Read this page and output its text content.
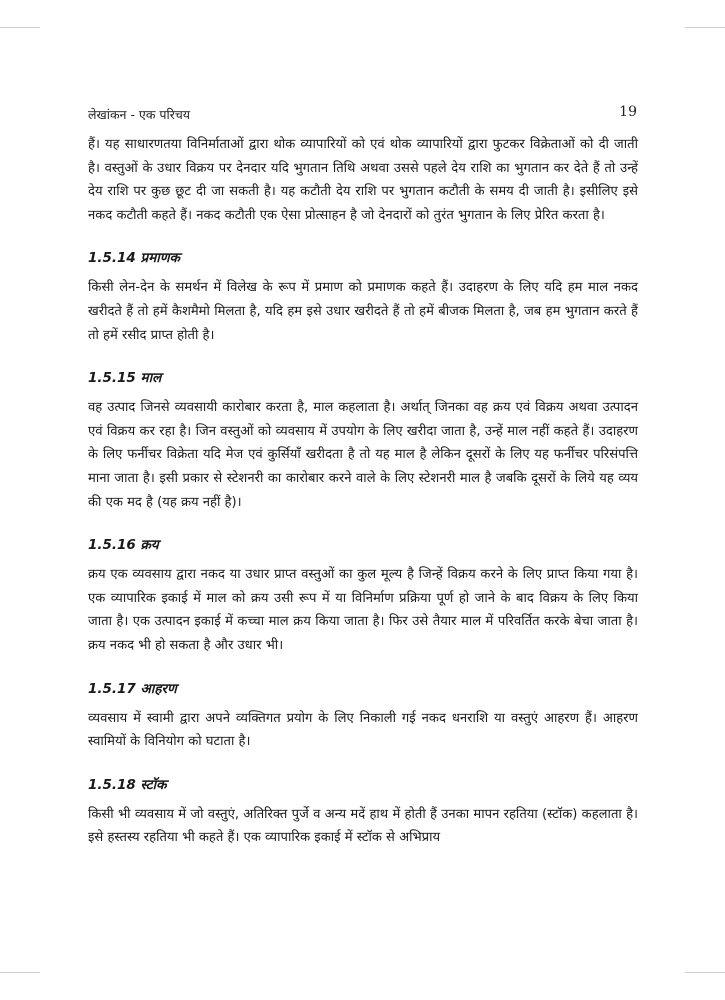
लेखांकन - एक परिचय	19

हैं। यह साधारणतया विनिर्माताओं द्वारा थोक व्यापारियों को एवं थोक व्यापारियों द्वारा फुटकर विक्रेताओं को दी जाती है। वस्तुओं के उधार विक्रय पर देनदार यदि भुगतान तिथि अथवा उससे पहले देय राशि का भुगतान कर देते हैं तो उन्हें देय राशि पर कुछ छूट दी जा सकती है। यह कटौती देय राशि पर भुगतान कटौती के समय दी जाती है। इसीलिए इसे नकद कटौती कहते हैं। नकद कटौती एक ऐसा प्रोत्साहन है जो देनदारों को तुरंत भुगतान के लिए प्रेरित करता है।

1.5.14 प्रमाणक

किसी लेन-देन के समर्थन में विलेख के रूप में प्रमाण को प्रमाणक कहते हैं। उदाहरण के लिए यदि हम माल नकद खरीदते हैं तो हमें कैशमैमो मिलता है, यदि हम इसे उधार खरीदते हैं तो हमें बीजक मिलता है, जब हम भुगतान करते हैं तो हमें रसीद प्राप्त होती है।

1.5.15 माल

वह उत्पाद जिनसे व्यवसायी कारोबार करता है, माल कहलाता है। अर्थात् जिनका वह क्रय एवं विक्रय अथवा उत्पादन एवं विक्रय कर रहा है। जिन वस्तुओं को व्यवसाय में उपयोग के लिए खरीदा जाता है, उन्हें माल नहीं कहते हैं। उदाहरण के लिए फर्नीचर विक्रेता यदि मेज एवं कुर्सियाँ खरीदता है तो यह माल है लेकिन दूसरों के लिए यह फर्नीचर परिसंपत्ति माना जाता है। इसी प्रकार से स्टेशनरी का कारोबार करने वाले के लिए स्टेशनरी माल है जबकि दूसरों के लिये यह व्यय की एक मद है (यह क्रय नहीं है)।

1.5.16 क्रय

क्रय एक व्यवसाय द्वारा नकद या उधार प्राप्त वस्तुओं का कुल मूल्य है जिन्हें विक्रय करने के लिए प्राप्त किया गया है। एक व्यापारिक इकाई में माल को क्रय उसी रूप में या विनिर्माण प्रक्रिया पूर्ण हो जाने के बाद विक्रय के लिए किया जाता है। एक उत्पादन इकाई में कच्चा माल क्रय किया जाता है। फिर उसे तैयार माल में परिवर्तित करके बेचा जाता है। क्रय नकद भी हो सकता है और उधार भी।

1.5.17 आहरण

व्यवसाय में स्वामी द्वारा अपने व्यक्तिगत प्रयोग के लिए निकाली गई नकद धनराशि या वस्तुएं आहरण हैं। आहरण स्वामियों के विनियोग को घटाता है।

1.5.18 स्टॉक

किसी भी व्यवसाय में जो वस्तुएं, अतिरिक्त पुर्जे व अन्य मदें हाथ में होती हैं उनका मापन रहतिया (स्टॉक) कहलाता है। इसे हस्तस्य रहतिया भी कहते हैं। एक व्यापारिक इकाई में स्टॉक से अभिप्राय
